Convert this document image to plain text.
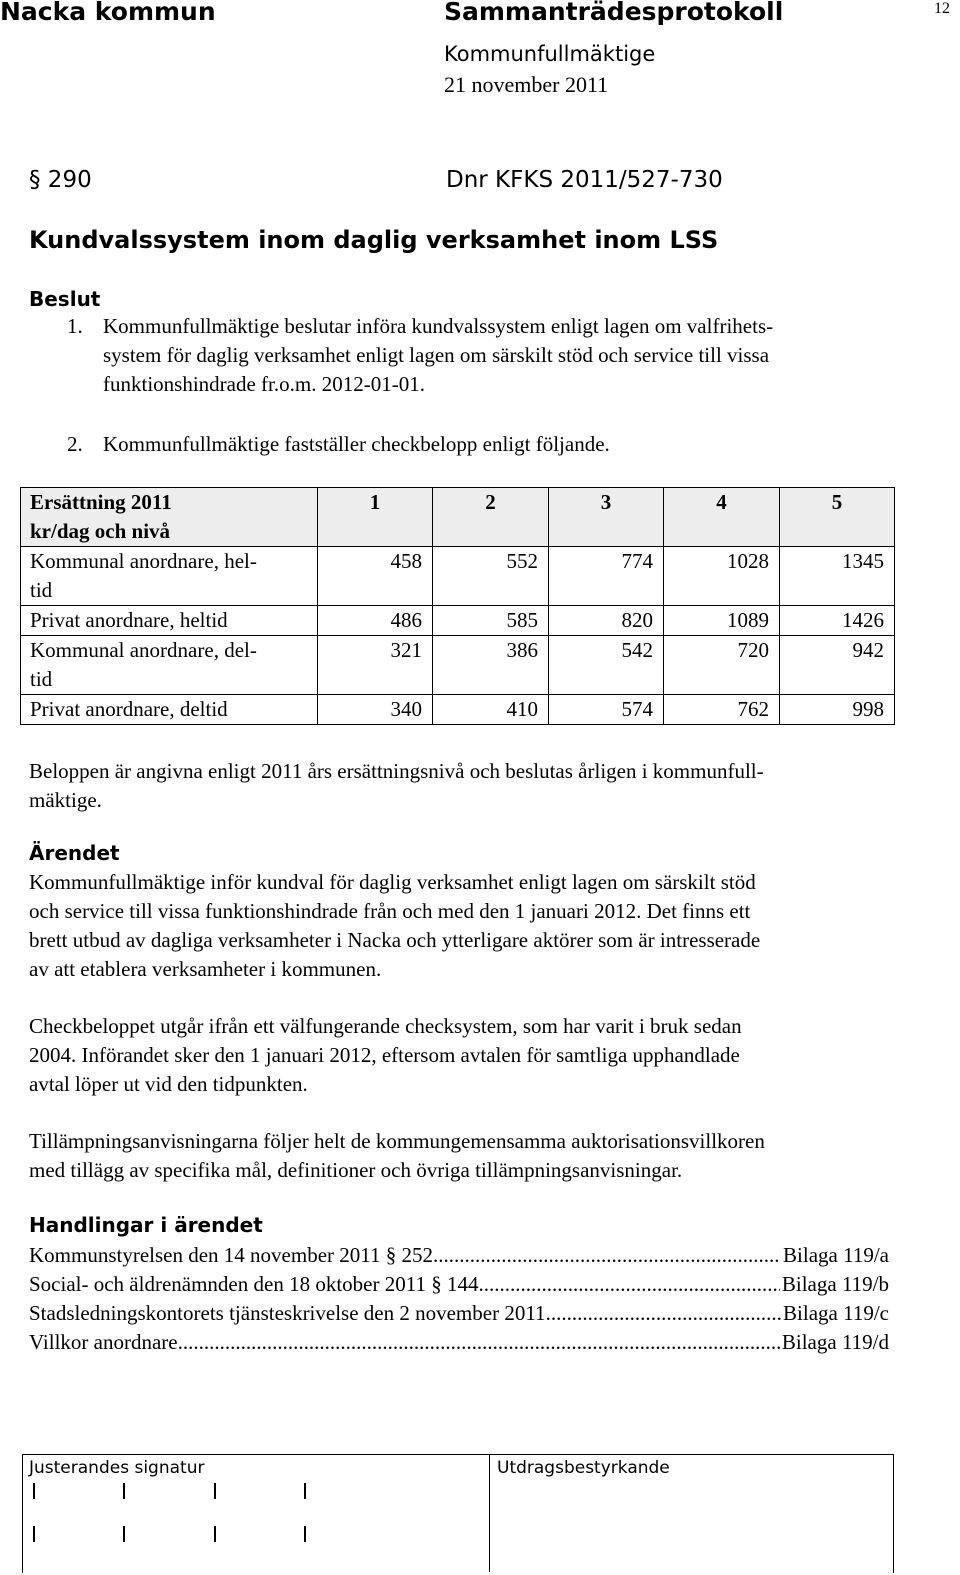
Nacka kommun	Sammanträdesprotokoll	12
Kommunfullmäktige
21 november 2011
§ 290	Dnr KFKS 2011/527-730
Kundvalssystem inom daglig verksamhet inom LSS
Beslut
1. Kommunfullmäktige beslutar införa kundvalssystem enligt lagen om valfrihets-
system för daglig verksamhet enligt lagen om särskilt stöd och service till vissa
funktionshindrade fr.o.m. 2012-01-01.
2. Kommunfullmäktige fastställer checkbelopp enligt följande.
Ersättning 2011
kr/dag och nivå	1	2	3	4	5

Kommunal anordnare, hel-
tid	458	552	774	1028	1345

Privat anordnare, heltid	486	585	820	1089	1426

Kommunal anordnare, del-
tid	321	386	542	720	942

Privat anordnare, deltid	340	410	574	762	998
Beloppen är angivna enligt 2011 års ersättningsnivå och beslutas årligen i kommunfull-
mäktige.
Ärendet
Kommunfullmäktige inför kundval för daglig verksamhet enligt lagen om särskilt stöd
och service till vissa funktionshindrade från och med den 1 januari 2012. Det finns ett
brett utbud av dagliga verksamheter i Nacka och ytterligare aktörer som är intresserade
av att etablera verksamheter i kommunen.
Checkbeloppet utgår ifrån ett välfungerande checksystem, som har varit i bruk sedan
2004. Införandet sker den 1 januari 2012, eftersom avtalen för samtliga upphandlade
avtal löper ut vid den tidpunkten.
Tillämpningsanvisningarna följer helt de kommungemensamma auktorisationsvillkoren
med tillägg av specifika mål, definitioner och övriga tillämpningsanvisningar.
Handlingar i ärendet
Kommunstyrelsen den 14 november 2011 § 252 .....	Bilaga 119/a
Social- och äldrenämnden den 18 oktober 2011 § 144 .....	Bilaga 119/b
Stadsledningskontorets tjänsteskrivelse den 2 november 2011 .....	Bilaga 119/c
Villkor anordnare .....	Bilaga 119/d
Justerandes signatur	Utdragsbestyrkande
